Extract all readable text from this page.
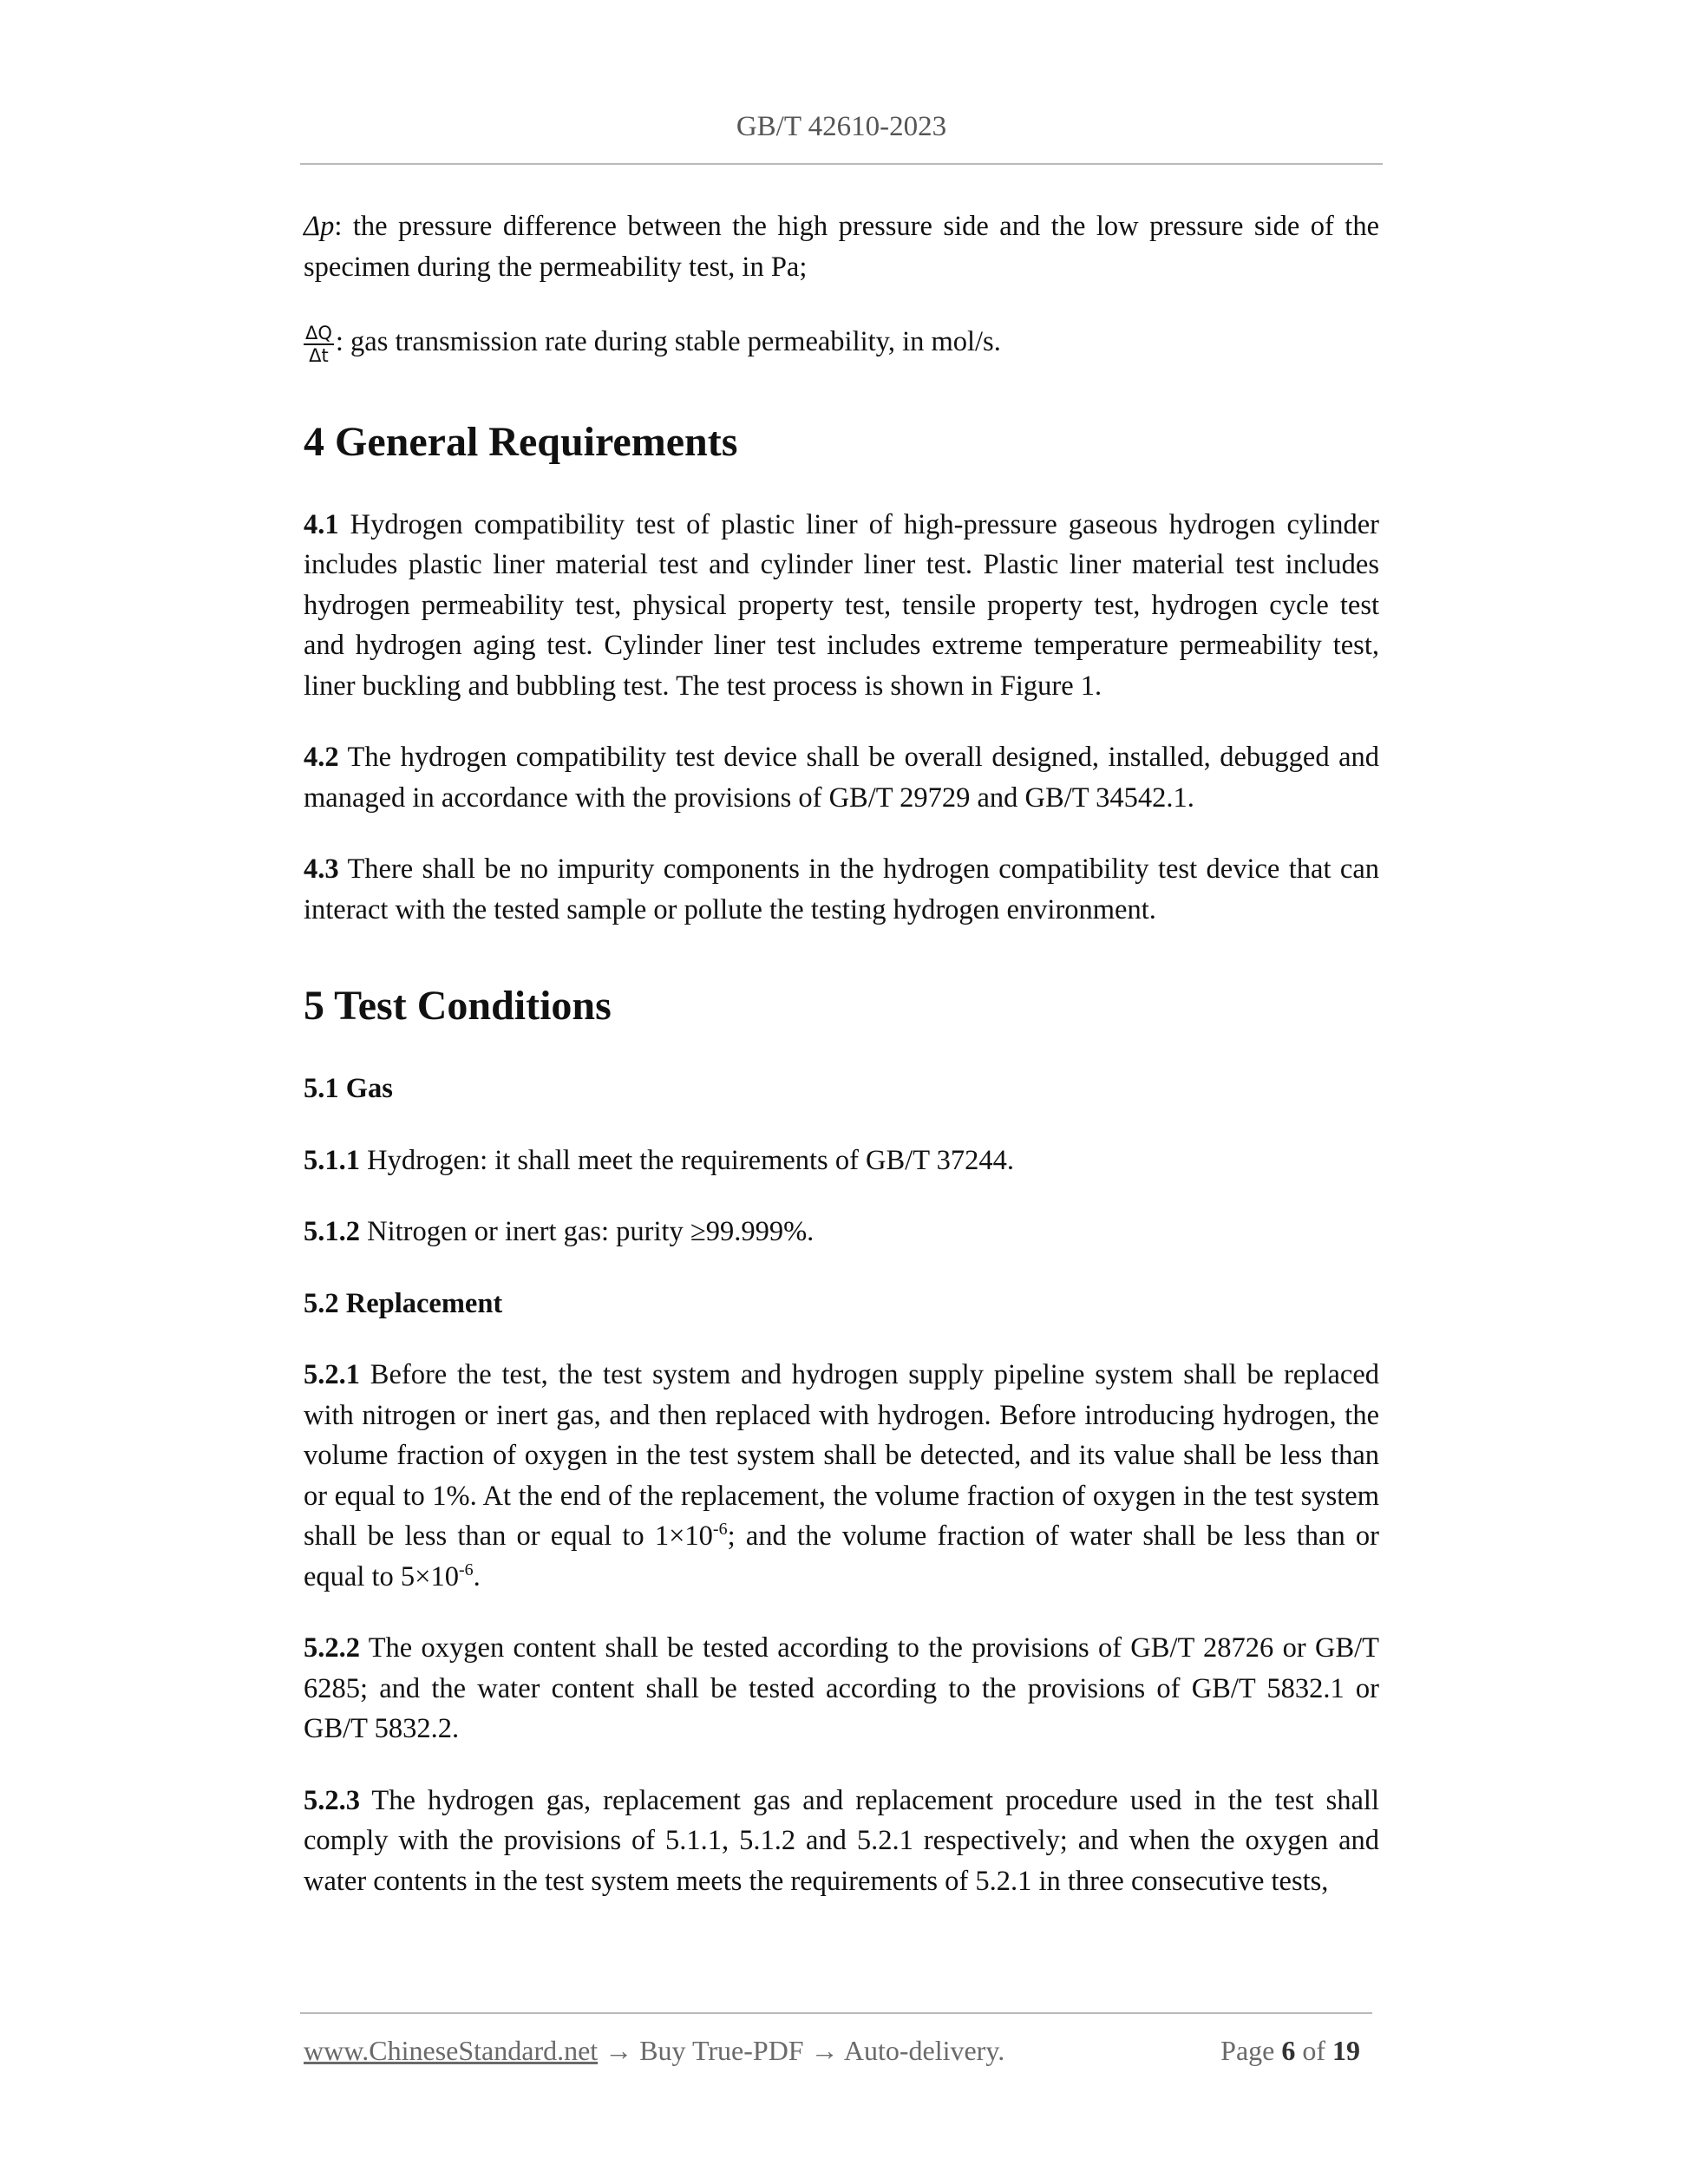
GB/T 42610-2023

Δp: the pressure difference between the high pressure side and the low pressure side of the specimen during the permeability test, in Pa;

$\frac{\Delta Q}{\Delta t}$ : gas transmission rate during stable permeability, in mol/s.

4 General Requirements

4.1 Hydrogen compatibility test of plastic liner of high-pressure gaseous hydrogen cylinder includes plastic liner material test and cylinder liner test. Plastic liner material test includes hydrogen permeability test, physical property test, tensile property test, hydrogen cycle test and hydrogen aging test. Cylinder liner test includes extreme temperature permeability test, liner buckling and bubbling test. The test process is shown in Figure 1.

4.2 The hydrogen compatibility test device shall be overall designed, installed, debugged and managed in accordance with the provisions of GB/T 29729 and GB/T 34542.1.

4.3 There shall be no impurity components in the hydrogen compatibility test device that can interact with the tested sample or pollute the testing hydrogen environment.

5 Test Conditions
5.1 Gas

5.1.1 Hydrogen: it shall meet the requirements of GB/T 37244.

5.1.2 Nitrogen or inert gas: purity ≥99.999%.

5.2 Replacement

5.2.1 Before the test, the test system and hydrogen supply pipeline system shall be replaced with nitrogen or inert gas, and then replaced with hydrogen. Before introducing hydrogen, the volume fraction of oxygen in the test system shall be detected, and its value shall be less than or equal to 1%. At the end of the replacement, the volume fraction of oxygen in the test system shall be less than or equal to $1\times 10^{-6}$; and the volume fraction of water shall be less than or equal to $5\times 10^{-6}$.

5.2.2 The oxygen content shall be tested according to the provisions of GB/T 28726 or GB/T 6285; and the water content shall be tested according to the provisions of GB/T 5832.1 or GB/T 5832.2.

5.2.3 The hydrogen gas, replacement gas and replacement procedure used in the test shall comply with the provisions of 5.1.1, 5.1.2 and 5.2.1 respectively; and when the oxygen and water contents in the test system meets the requirements of 5.2.1 in three consecutive tests,

www.ChineseStandard.net → Buy True-PDF → Auto-delivery.	Page 6 of 19
